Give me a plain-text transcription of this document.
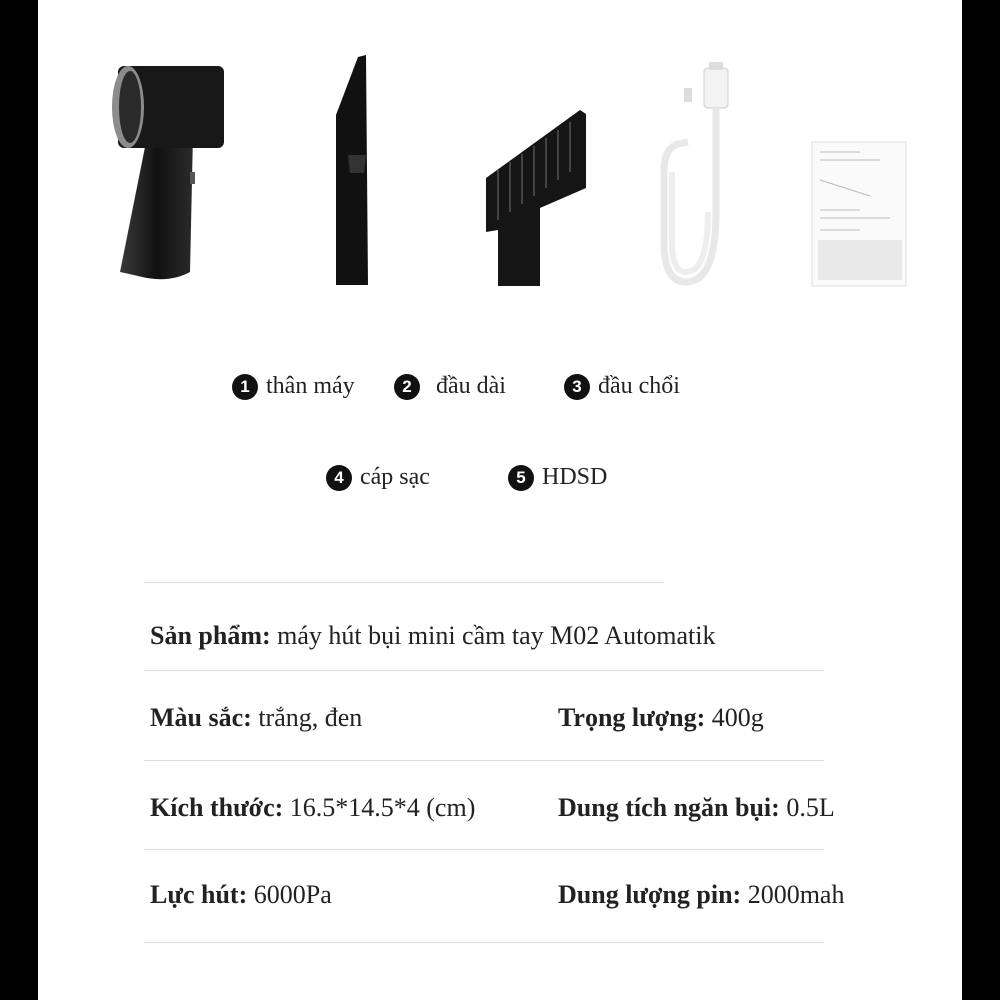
1 thân máy	2	đầu dài	3 đầu chổi
4 cáp sạc	5 HDSD
Sản phẩm: máy hút bụi mini cầm tay M02 Automatik
Màu sắc: trắng, đen	Trọng lượng: 400g
Kích thước: 16.5*14.5*4 (cm)	Dung tích ngăn bụi: 0.5L
Lực hút: 6000Pa	Dung lượng pin: 2000mah
